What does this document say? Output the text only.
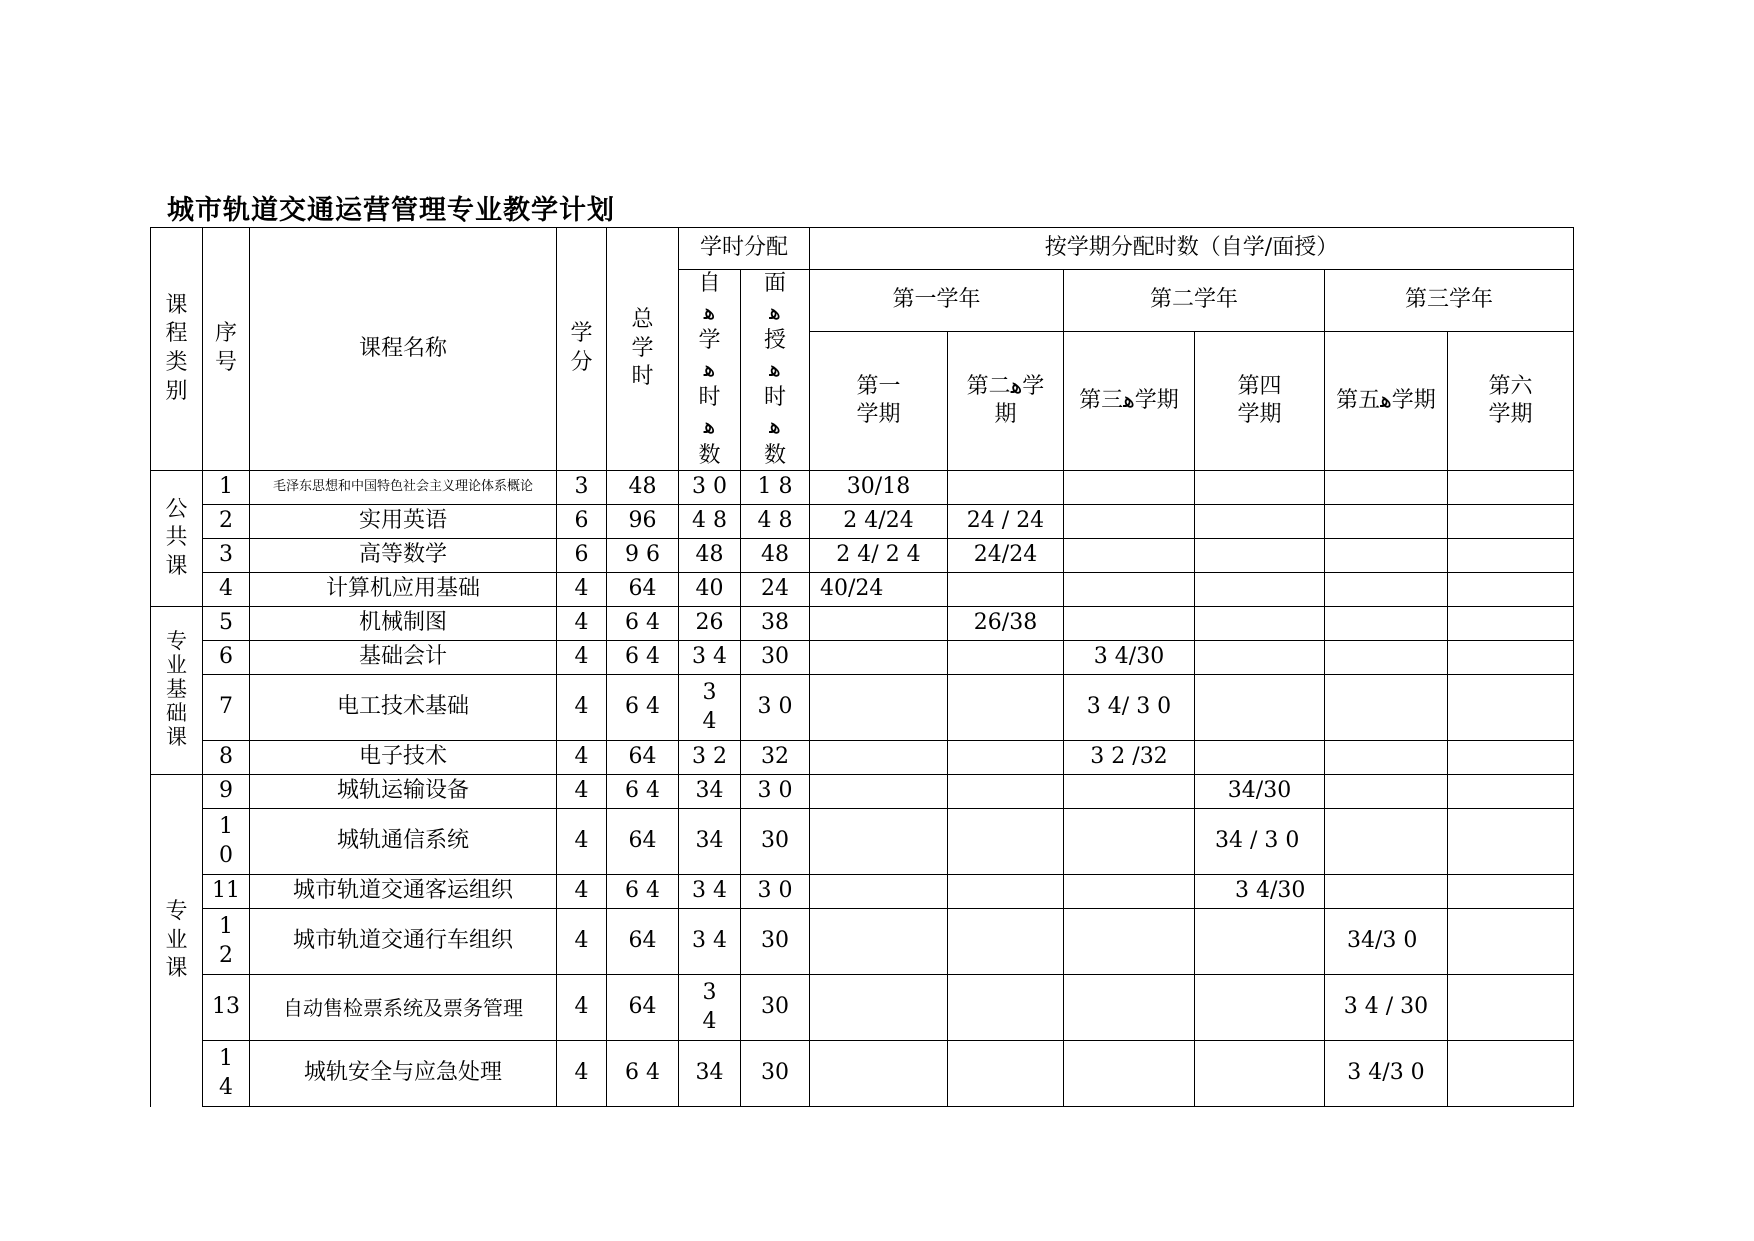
城市轨道交通运营管理专业教学计划
课程类别	序号	课程名称	学分	总学时	学时分配		按学期分配时数（自学/面授）					
					自ﻫ学ﻫ时ﻫ数	面ﻫ授ﻫ时ﻫ数	第一学年		第二学年		第三学年	
							第一学期	第二ﻫ学期	第三ﻫ学期	第四学期	第五ﻫ学期	第六学期
公共课	1	毛泽东思想和中国特色社会主义理论体系概论	3	48	3 0	1 8	30/18					
	2	实用英语	6	96	4 8	4 8	2 4/24	24 / 24				
	3	高等数学	6	9 6	48	48	2 4/ 2 4	24/24				
	4	计算机应用基础	4	64	40	24	40/24					
专业基础课	5	机械制图	4	6 4	26	38		26/38				
	6	基础会计	4	6 4	3 4	30			3 4/30			
	7	电工技术基础	4	6 4	34	3 0			3 4/ 3 0			
	8	电子技术	4	64	3 2	32			3 2 /32			
专业课	9	城轨运输设备	4	6 4	34	3 0				34/30		
	10	城轨通信系统	4	64	34	30				34 / 3 0		
	11	城市轨道交通客运组织	4	6 4	3 4	3 0				3 4/30		
	12	城市轨道交通行车组织	4	64	3 4	30					34/3 0	
	13	自动售检票系统及票务管理	4	64	34	30					3 4 / 30	
	14	城轨安全与应急处理	4	6 4	34	30					3 4/3 0	
